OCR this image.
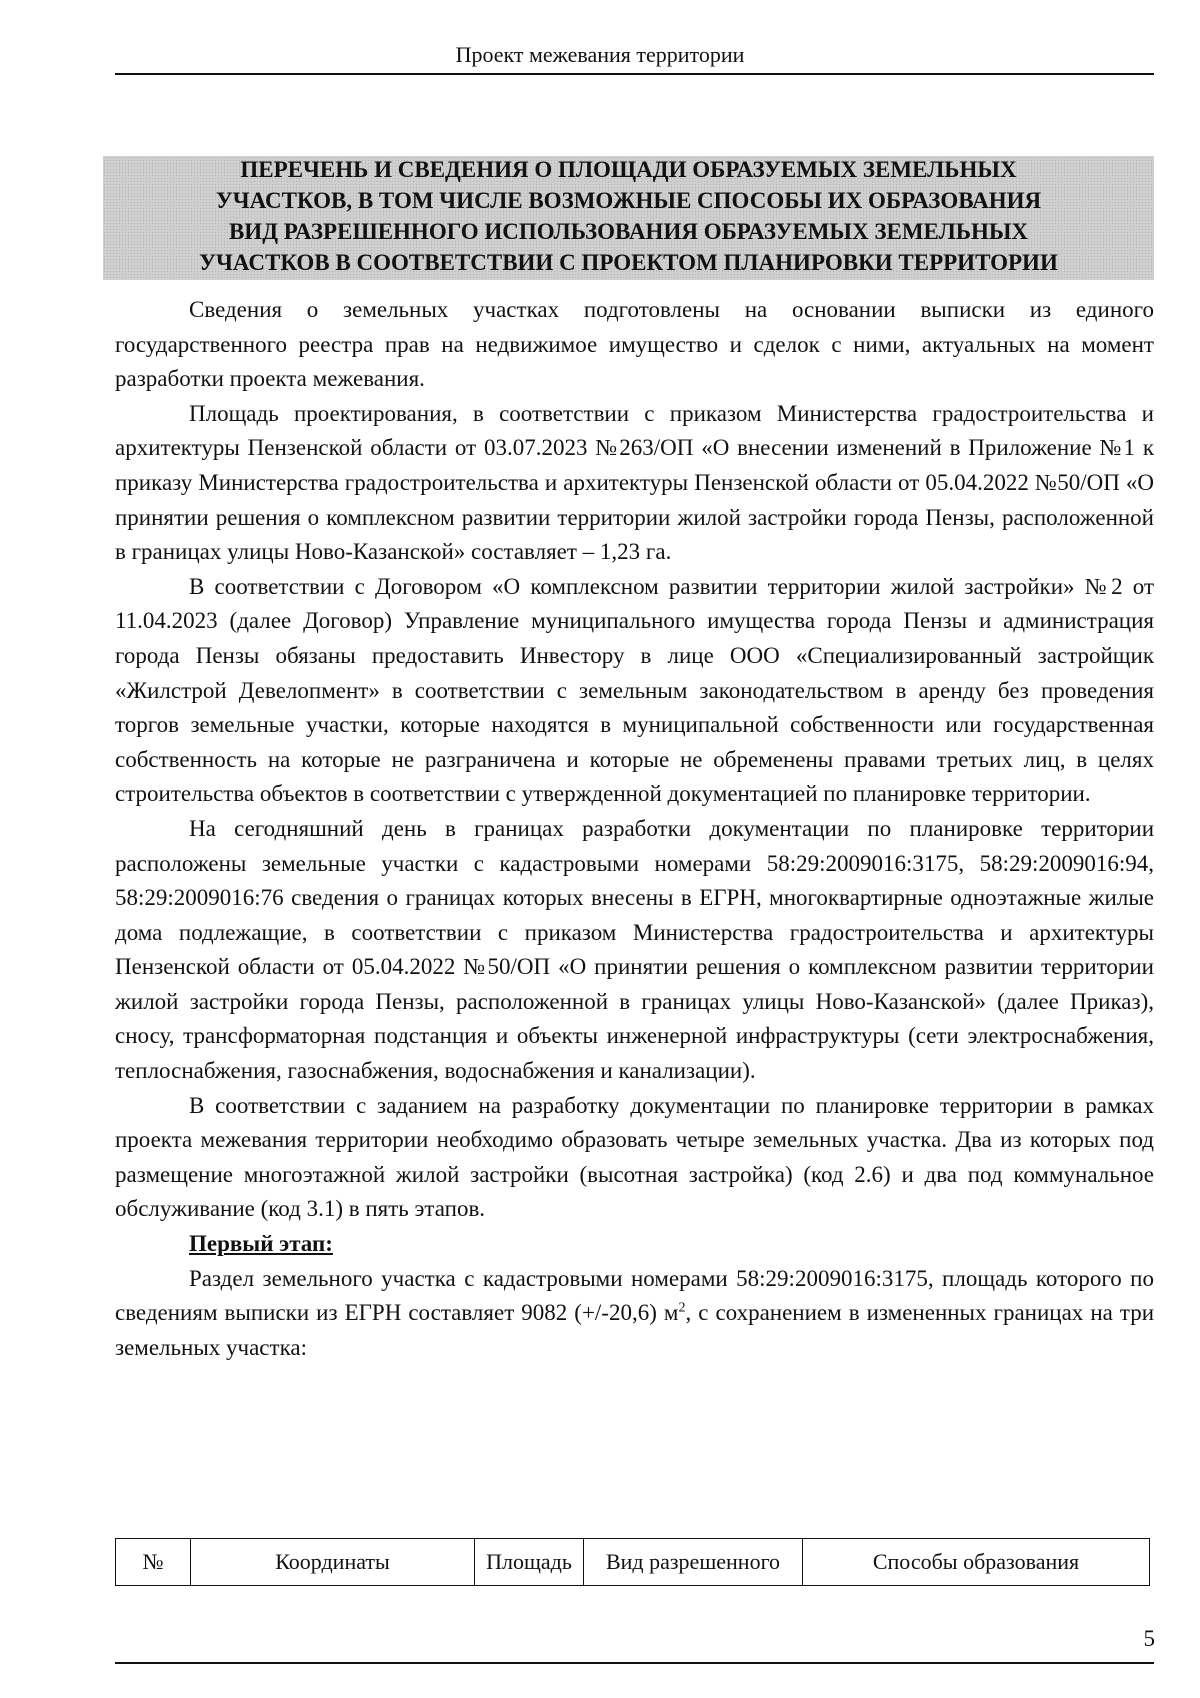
Проект межевания территории
ПЕРЕЧЕНЬ И СВЕДЕНИЯ О ПЛОЩАДИ ОБРАЗУЕМЫХ ЗЕМЕЛЬНЫХ
УЧАСТКОВ, В ТОМ ЧИСЛЕ ВОЗМОЖНЫЕ СПОСОБЫ ИХ ОБРАЗОВАНИЯ
ВИД РАЗРЕШЕННОГО ИСПОЛЬЗОВАНИЯ ОБРАЗУЕМЫХ ЗЕМЕЛЬНЫХ
УЧАСТКОВ В СООТВЕТСТВИИ С ПРОЕКТОМ ПЛАНИРОВКИ ТЕРРИТОРИИ

Сведения о земельных участках подготовлены на основании выписки из единого государственного реестра прав на недвижимое имущество и сделок с ними, актуальных на момент разработки проекта межевания.

Площадь проектирования, в соответствии с приказом Министерства градостроительства и архитектуры Пензенской области от 03.07.2023 №263/ОП «О внесении изменений в Приложение №1 к приказу Министерства градостроительства и архитектуры Пензенской области от 05.04.2022 №50/ОП «О принятии решения о комплексном развитии территории жилой застройки города Пензы, расположенной в границах улицы Ново-Казанской» составляет – 1,23 га.

В соответствии с Договором «О комплексном развитии территории жилой застройки» №2 от 11.04.2023 (далее Договор) Управление муниципального имущества города Пензы и администрация города Пензы обязаны предоставить Инвестору в лице ООО «Специализированный застройщик «Жилстрой Девелопмент» в соответствии с земельным законодательством в аренду без проведения торгов земельные участки, которые находятся в муниципальной собственности или государственная собственность на которые не разграничена и которые не обременены правами третьих лиц, в целях строительства объектов в соответствии с утвержденной документацией по планировке территории.

На сегодняшний день в границах разработки документации по планировке территории расположены земельные участки с кадастровыми номерами 58:29:2009016:3175, 58:29:2009016:94, 58:29:2009016:76 сведения о границах которых внесены в ЕГРН, многоквартирные одноэтажные жилые дома подлежащие, в соответствии с приказом Министерства градостроительства и архитектуры Пензенской области от 05.04.2022 №50/ОП «О принятии решения о комплексном развитии территории жилой застройки города Пензы, расположенной в границах улицы Ново-Казанской» (далее Приказ), сносу, трансформаторная подстанция и объекты инженерной инфраструктуры (сети электроснабжения, теплоснабжения, газоснабжения, водоснабжения и канализации).

В соответствии с заданием на разработку документации по планировке территории в рамках проекта межевания территории необходимо образовать четыре земельных участка. Два из которых под размещение многоэтажной жилой застройки (высотная застройка) (код 2.6) и два под коммунальное обслуживание (код 3.1) в пять этапов.

Первый этап:

Раздел земельного участка с кадастровыми номерами 58:29:2009016:3175, площадь которого по сведениям выписки из ЕГРН составляет 9082 (+/-20,6) $м^2$, с сохранением в измененных границах на три земельных участка:

№	Координаты	Площадь	Вид разрешенного	Способы образования
5
